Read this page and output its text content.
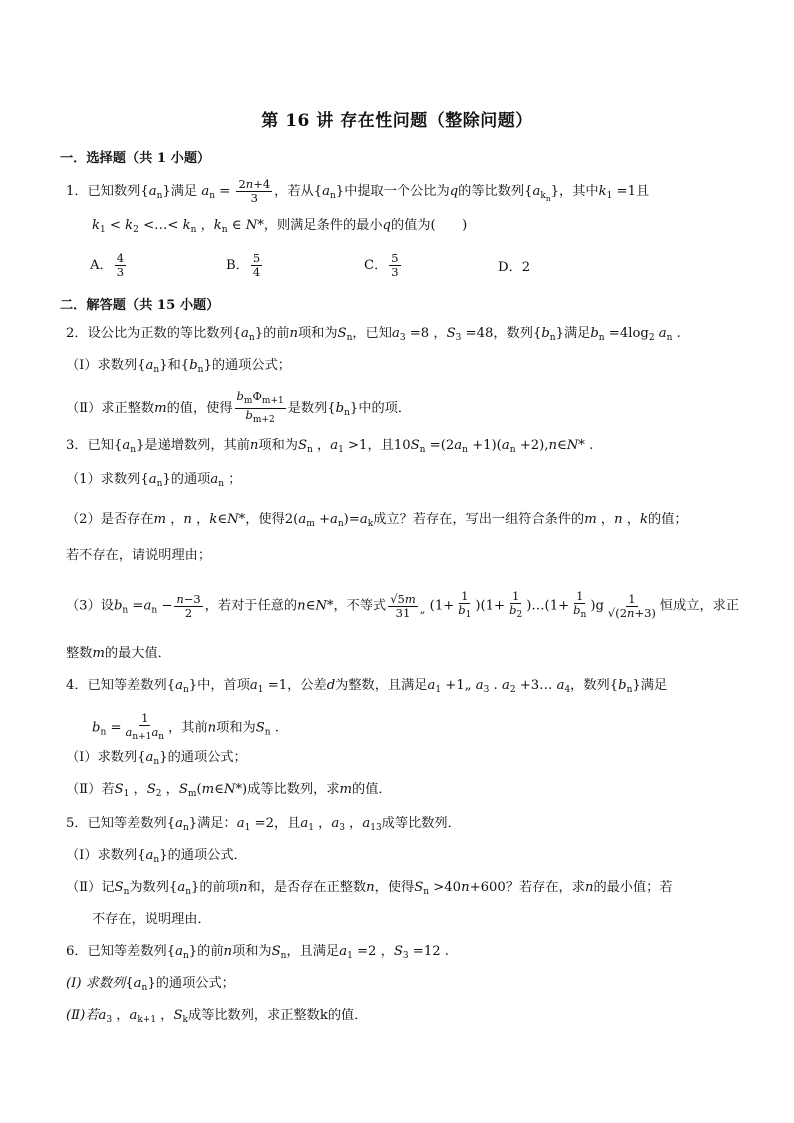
第 16 讲 存在性问题（整除问题）
一．选择题（共 1 小题）
1．已知数列$\{a_n\}$满足 $a_n = \frac{2n+4}{3}$ ，若从$\{a_n\}$中提取一个公比为q的等比数列$\{a_{k_n}\}$，其中$k_1 =1$且
$k_1 < k_2$ <…< $k_n$ ，$k_n$ ∈ N*，则满足条件的最小q的值为(　　)
A． $\frac{4}{3}$	B． $\frac{5}{4}$	C． $\frac{5}{3}$	D．2
二．解答题（共 15 小题）
2．设公比为正数的等比数列$\{a_n\}$的前n项和为$S_n$，已知$a_3 =8$ ，$S_3 =48$，数列$\{b_n\}$满足$b_n =4\log_2$ $a_n$ .
（Ⅰ）求数列$\{a_n\}$和$\{b_n\}$的通项公式；
（Ⅱ）求正整数m的值，使得 $\frac{b_m\Phi_{m+1}}{b_{m+2}}$ 是数列$\{b_n\}$中的项．
3．已知$\{a_n\}$是递增数列，其前n项和为$S_n$ ，$a_1 >1$，且$10S_n =(2a_n +1)(a_n$ +2),n∈N* .
（1）求数列$\{a_n\}$的通项$a_n$ ；
（2）是否存在m ，n ，k∈N*，使得$2(a_m +a_n)=a_k$成立？若存在，写出一组符合条件的m ，n ，k的值；
若不存在，请说明理由；
（3）设$b_n =a_n - \frac{n-3}{2}$ ，若对于任意的n∈N*，不等式 $\frac{√5m}{31} _„$ $(1+ \frac{1}{b_1} )(1+ \frac{1}{b_2}$ )…(1+ $\frac{1}{b_n} )g \frac{1}{√(2n+3)}$ 恒成立，求正
整数m的最大值．
4．已知等差数列$\{a_n\}$中，首项$a_1 =1$，公差d为整数，且满足$a_1$ +1„ $a_3$ . $a_2$ +3… $a_4$，数列$\{b_n\}$满足
$b_n = \frac{1}{a_{n+1}a_n}$ ，其前n项和为$S_n$ .
（Ⅰ）求数列$\{a_n\}$的通项公式；
（Ⅱ）若$S_1$ ，$S_2$ ，$S_m(m\in N*)$成等比数列，求m的值．
5．已知等差数列$\{a_n\}$满足：$a_1 =2$，且$a_1$ ，$a_3$ ，$a_{13}$成等比数列．
（Ⅰ）求数列$\{a_n\}$的通项公式．
（Ⅱ）记$S_n$为数列$\{a_n\}$的前项n和，是否存在正整数n，使得$S_n >40n+600$？若存在，求n的最小值；若
不存在，说明理由．
6．已知等差数列$\{a_n\}$的前n项和为$S_n$，且满足$a_1 =2$ ，$S_3 =12$ .
(Ⅰ) 求数列$\{a_n\}$的通项公式；
(Ⅱ)若$a_3$ ，$a_{k+1}$ ，$S_k$成等比数列，求正整数k的值．
